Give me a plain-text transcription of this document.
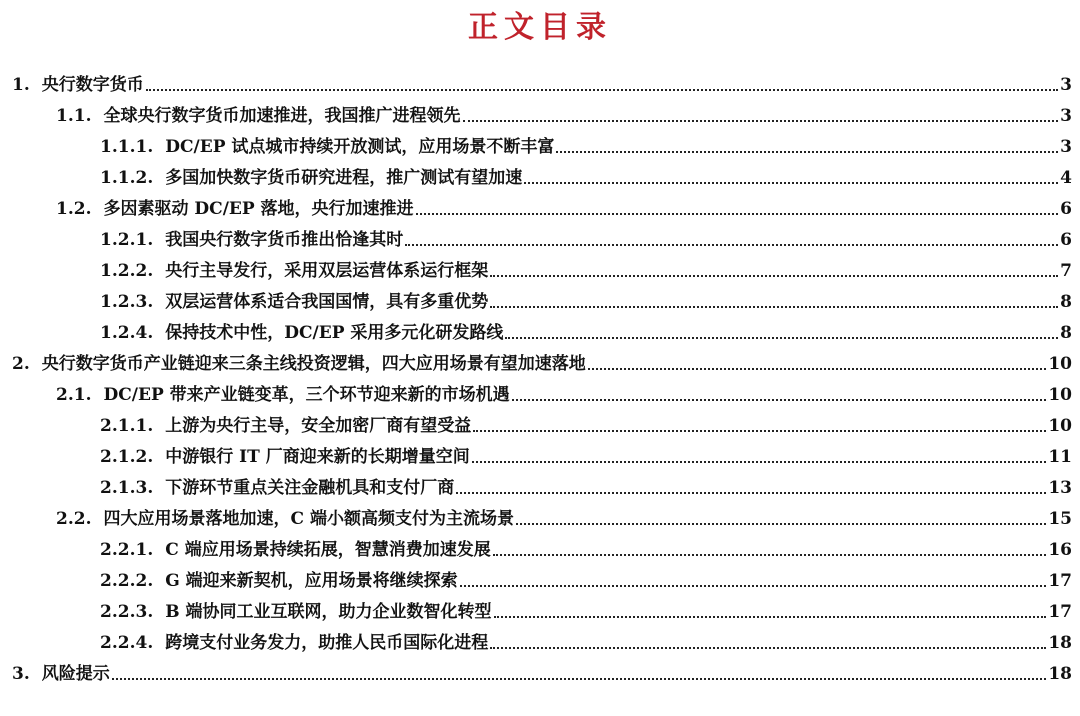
正文目录
1. 央行数字货币	3
1.1. 全球央行数字货币加速推进，我国推广进程领先	3
1.1.1. DC/EP 试点城市持续开放测试，应用场景不断丰富	3
1.1.2. 多国加快数字货币研究进程，推广测试有望加速	4
1.2. 多因素驱动 DC/EP 落地，央行加速推进	6
1.2.1. 我国央行数字货币推出恰逢其时	6
1.2.2. 央行主导发行，采用双层运营体系运行框架	7
1.2.3. 双层运营体系适合我国国情，具有多重优势	8
1.2.4. 保持技术中性，DC/EP 采用多元化研发路线	8
2. 央行数字货币产业链迎来三条主线投资逻辑，四大应用场景有望加速落地	10
2.1. DC/EP 带来产业链变革，三个环节迎来新的市场机遇	10
2.1.1. 上游为央行主导，安全加密厂商有望受益	10
2.1.2. 中游银行 IT 厂商迎来新的长期增量空间	11
2.1.3. 下游环节重点关注金融机具和支付厂商	13
2.2. 四大应用场景落地加速，C 端小额高频支付为主流场景	15
2.2.1. C 端应用场景持续拓展，智慧消费加速发展	16
2.2.2. G 端迎来新契机，应用场景将继续探索	17
2.2.3. B 端协同工业互联网，助力企业数智化转型	17
2.2.4. 跨境支付业务发力，助推人民币国际化进程	18
3. 风险提示	18
